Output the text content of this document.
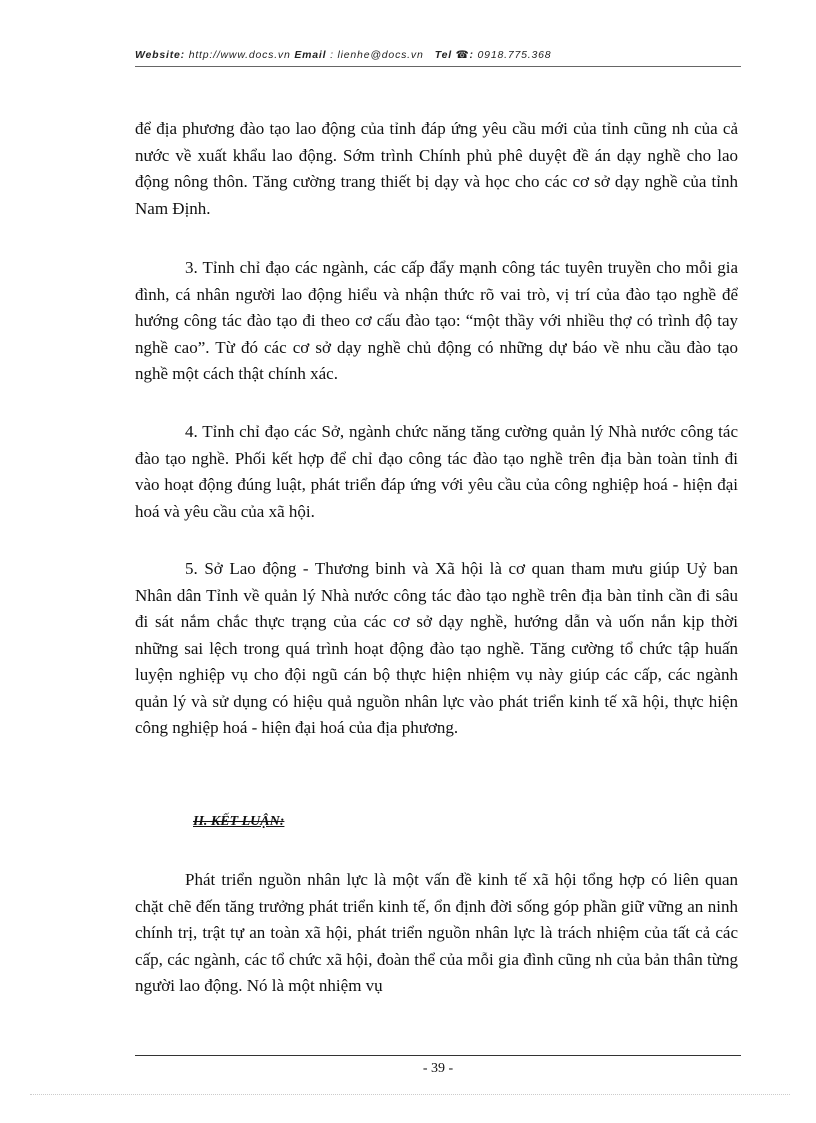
Website: http://www.docs.vn Email : lienhe@docs.vn Tel ☎: 0918.775.368

để địa phương đào tạo lao động của tỉnh đáp ứng yêu cầu mới của tỉnh cũng nh của cả nước về xuất khẩu lao động. Sớm trình Chính phủ phê duyệt đề án dạy nghề cho lao động nông thôn. Tăng cường trang thiết bị dạy và học cho các cơ sở dạy nghề của tỉnh Nam Định.

3. Tỉnh chỉ đạo các ngành, các cấp đẩy mạnh công tác tuyên truyền cho mỗi gia đình, cá nhân người lao động hiểu và nhận thức rõ vai trò, vị trí của đào tạo nghề để hướng công tác đào tạo đi theo cơ cấu đào tạo: “một thầy với nhiều thợ có trình độ tay nghề cao”. Từ đó các cơ sở dạy nghề chủ động có những dự báo về nhu cầu đào tạo nghề một cách thật chính xác.

4. Tỉnh chỉ đạo các Sở, ngành chức năng tăng cường quản lý Nhà nước công tác đào tạo nghề. Phối kết hợp để chỉ đạo công tác đào tạo nghề trên địa bàn toàn tỉnh đi vào hoạt động đúng luật, phát triển đáp ứng với yêu cầu của công nghiệp hoá - hiện đại hoá và yêu cầu của xã hội.

5. Sở Lao động - Thương binh và Xã hội là cơ quan tham mưu giúp Uỷ ban Nhân dân Tỉnh về quản lý Nhà nước công tác đào tạo nghề trên địa bàn tỉnh cần đi sâu đi sát nắm chắc thực trạng của các cơ sở dạy nghề, hướng dẫn và uốn nắn kịp thời những sai lệch trong quá trình hoạt động đào tạo nghề. Tăng cường tổ chức tập huấn luyện nghiệp vụ cho đội ngũ cán bộ thực hiện nhiệm vụ này giúp các cấp, các ngành quản lý và sử dụng có hiệu quả nguồn nhân lực vào phát triển kinh tế xã hội, thực hiện công nghiệp hoá - hiện đại hoá của địa phương.

II. KẾT LUẬN:

Phát triển nguồn nhân lực là một vấn đề kinh tế xã hội tổng hợp có liên quan chặt chẽ đến tăng trưởng phát triển kinh tế, ổn định đời sống góp phần giữ vững an ninh chính trị, trật tự an toàn xã hội, phát triển nguồn nhân lực là trách nhiệm của tất cả các cấp, các ngành, các tổ chức xã hội, đoàn thể của mỗi gia đình cũng nh của bản thân từng người lao động. Nó là một nhiệm vụ

- 39 -
